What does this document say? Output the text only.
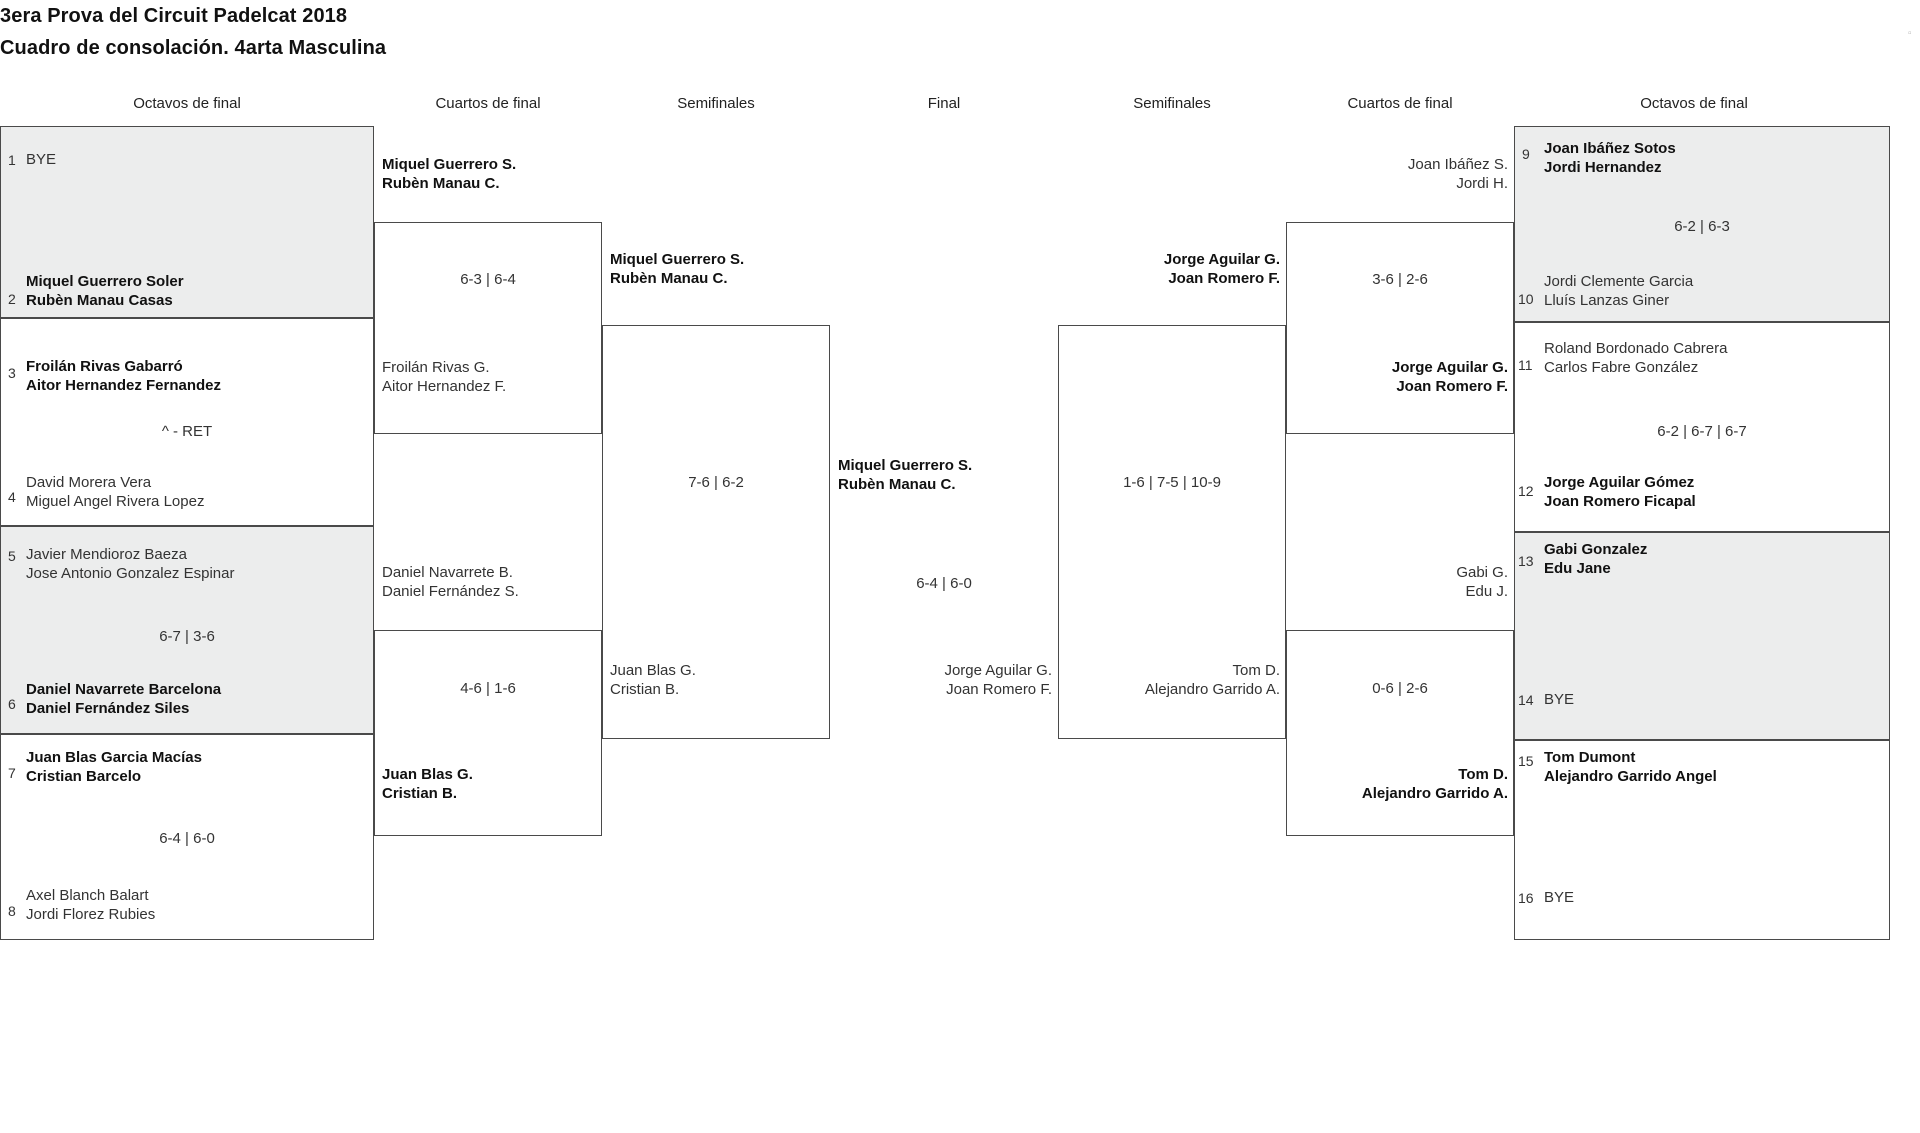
3era Prova del Circuit Padelcat 2018
Cuadro de consolación. 4arta Masculina
Octavos de final	Cuartos de final	Semifinales	Final	Semifinales	Cuartos de final	Octavos de final
1
2
3
4
5
6
7
8
BYE
Miquel Guerrero Soler
Rubèn Manau Casas
Froilán Rivas Gabarró
Aitor Hernandez Fernandez
David Morera Vera
Miguel Angel Rivera Lopez
Javier Mendioroz Baeza
Jose Antonio Gonzalez Espinar
Daniel Navarrete Barcelona
Daniel Fernández Siles
Juan Blas Garcia Macías
Cristian Barcelo
Axel Blanch Balart
Jordi Florez Rubies
^ - RET
6-7 | 3-6
6-4 | 6-0
Miquel Guerrero S.
Rubèn Manau C.
Froilán Rivas G.
Aitor Hernandez F.
Daniel Navarrete B.
Daniel Fernández S.
Juan Blas G.
Cristian B.
6-3 | 6-4
4-6 | 1-6
Miquel Guerrero S.
Rubèn Manau C.
Juan Blas G.
Cristian B.
7-6 | 6-2
Miquel Guerrero S.
Rubèn Manau C.
6-4 | 6-0
Jorge Aguilar G.
Joan Romero F.
Jorge Aguilar G.
Joan Romero F.
Tom D.
Alejandro Garrido A.
1-6 | 7-5 | 10-9
Joan Ibáñez S.
Jordi H.
Jorge Aguilar G.
Joan Romero F.
Gabi G.
Edu J.
Tom D.
Alejandro Garrido A.
3-6 | 2-6
0-6 | 2-6
9
10
11
12
13
14
15
16
Joan Ibáñez Sotos
Jordi Hernandez
Jordi Clemente Garcia
Lluís Lanzas Giner
Roland Bordonado Cabrera
Carlos Fabre González
Jorge Aguilar Gómez
Joan Romero Ficapal
Gabi Gonzalez
Edu Jane
BYE
Tom Dumont
Alejandro Garrido Angel
BYE
6-2 | 6-3
6-2 | 6-7 | 6-7
▫
